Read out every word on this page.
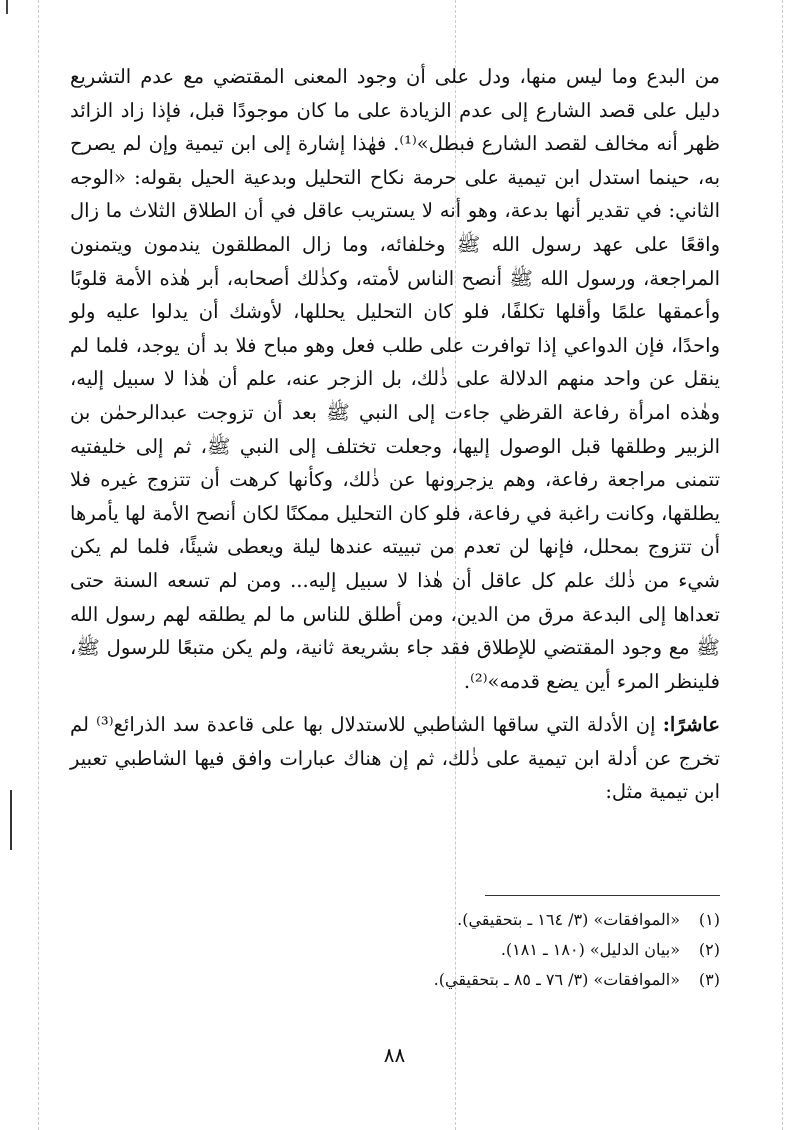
من البدع وما ليس منها، ودل على أن وجود المعنى المقتضي مع عدم التشريع دليل على قصد الشارع إلى عدم الزيادة على ما كان موجودًا قبل، فإذا زاد الزائد ظهر أنه مخالف لقصد الشارع فبطل»⁽¹⁾. فهٰذا إشارة إلى ابن تيمية وإن لم يصرح به، حينما استدل ابن تيمية على حرمة نكاح التحليل وبدعية الحيل بقوله: «الوجه الثاني: في تقدير أنها بدعة، وهو أنه لا يستريب عاقل في أن الطلاق الثلاث ما زال واقعًا على عهد رسول الله ﷺ وخلفائه، وما زال المطلقون يندمون ويتمنون المراجعة، ورسول الله ﷺ أنصح الناس لأمته، وكذٰلك أصحابه، أبر هٰذه الأمة قلوبًا وأعمقها علمًا وأقلها تكلفًا، فلو كان التحليل يحللها، لأوشك أن يدلوا عليه ولو واحدًا، فإن الدواعي إذا توافرت على طلب فعل وهو مباح فلا بد أن يوجد، فلما لم ينقل عن واحد منهم الدلالة على ذٰلك، بل الزجر عنه، علم أن هٰذا لا سبيل إليه، وهٰذه امرأة رفاعة القرظي جاءت إلى النبي ﷺ بعد أن تزوجت عبدالرحمٰن بن الزبير وطلقها قبل الوصول إليها، وجعلت تختلف إلى النبي ﷺ، ثم إلى خليفتيه تتمنى مراجعة رفاعة، وهم يزجرونها عن ذٰلك، وكأنها كرهت أن تتزوج غيره فلا يطلقها، وكانت راغبة في رفاعة، فلو كان التحليل ممكنًا لكان أنصح الأمة لها يأمرها أن تتزوج بمحلل، فإنها لن تعدم من تبييته عندها ليلة ويعطى شيئًا، فلما لم يكن شيء من ذٰلك علم كل عاقل أن هٰذا لا سبيل إليه... ومن لم تسعه السنة حتى تعداها إلى البدعة مرق من الدين، ومن أطلق للناس ما لم يطلقه لهم رسول الله ﷺ مع وجود المقتضي للإطلاق فقد جاء بشريعة ثانية، ولم يكن متبعًا للرسول ﷺ، فلينظر المرء أين يضع قدمه»⁽²⁾.

عاشرًا: إن الأدلة التي ساقها الشاطبي للاستدلال بها على قاعدة سد الذرائع⁽³⁾ لم تخرج عن أدلة ابن تيمية على ذٰلك، ثم إن هناك عبارات وافق فيها الشاطبي تعبير ابن تيمية مثل:

(١)
«الموافقات» (٣/ ١٦٤ ـ بتحقيقي).
(٢)
«بيان الدليل» (١٨٠ ـ ١٨١).
(٣)
«الموافقات» (٣/ ٧٦ ـ ٨٥ ـ بتحقيقي).
٨٨
